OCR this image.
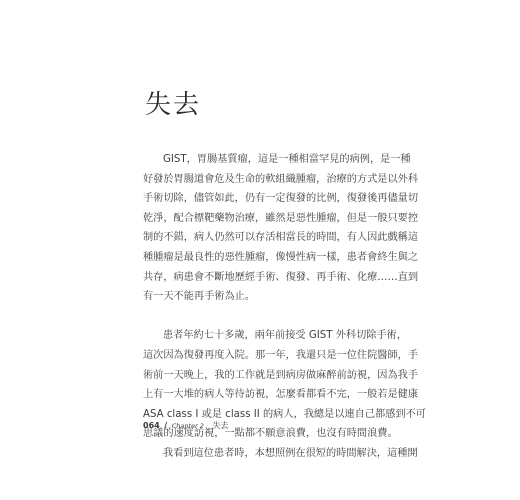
失去

GIST，胃腸基質瘤，這是一種相當罕見的病例，是一種
好發於胃腸道會危及生命的軟組織腫瘤，治療的方式是以外科
手術切除，儘管如此，仍有一定復發的比例，復發後再儘量切
乾淨，配合標靶藥物治療，雖然是惡性腫瘤，但是一般只要控
制的不錯，病人仍然可以存活相當長的時間，有人因此戲稱這
種腫瘤是最良性的惡性腫瘤，像慢性病一樣，患者會終生與之
共存，病患會不斷地歷經手術、復發、再手術、化療……直到
有一天不能再手術為止。

患者年約七十多歲，兩年前接受 GIST 外科切除手術，
這次因為復發再度入院。那一年，我還只是一位住院醫師，手
術前一天晚上，我的工作就是到病房做麻醉前訪視，因為我手
上有一大堆的病人等待訪視，怎麼看都看不完，一般若是健康
ASA class I 或是 class II 的病人，我總是以連自己都感到不可
思議的速度訪視，一點都不願意浪費，也沒有時間浪費。

我看到這位患者時，本想照例在很短的時間解決，這種開

064 / Chapter 2 失去
